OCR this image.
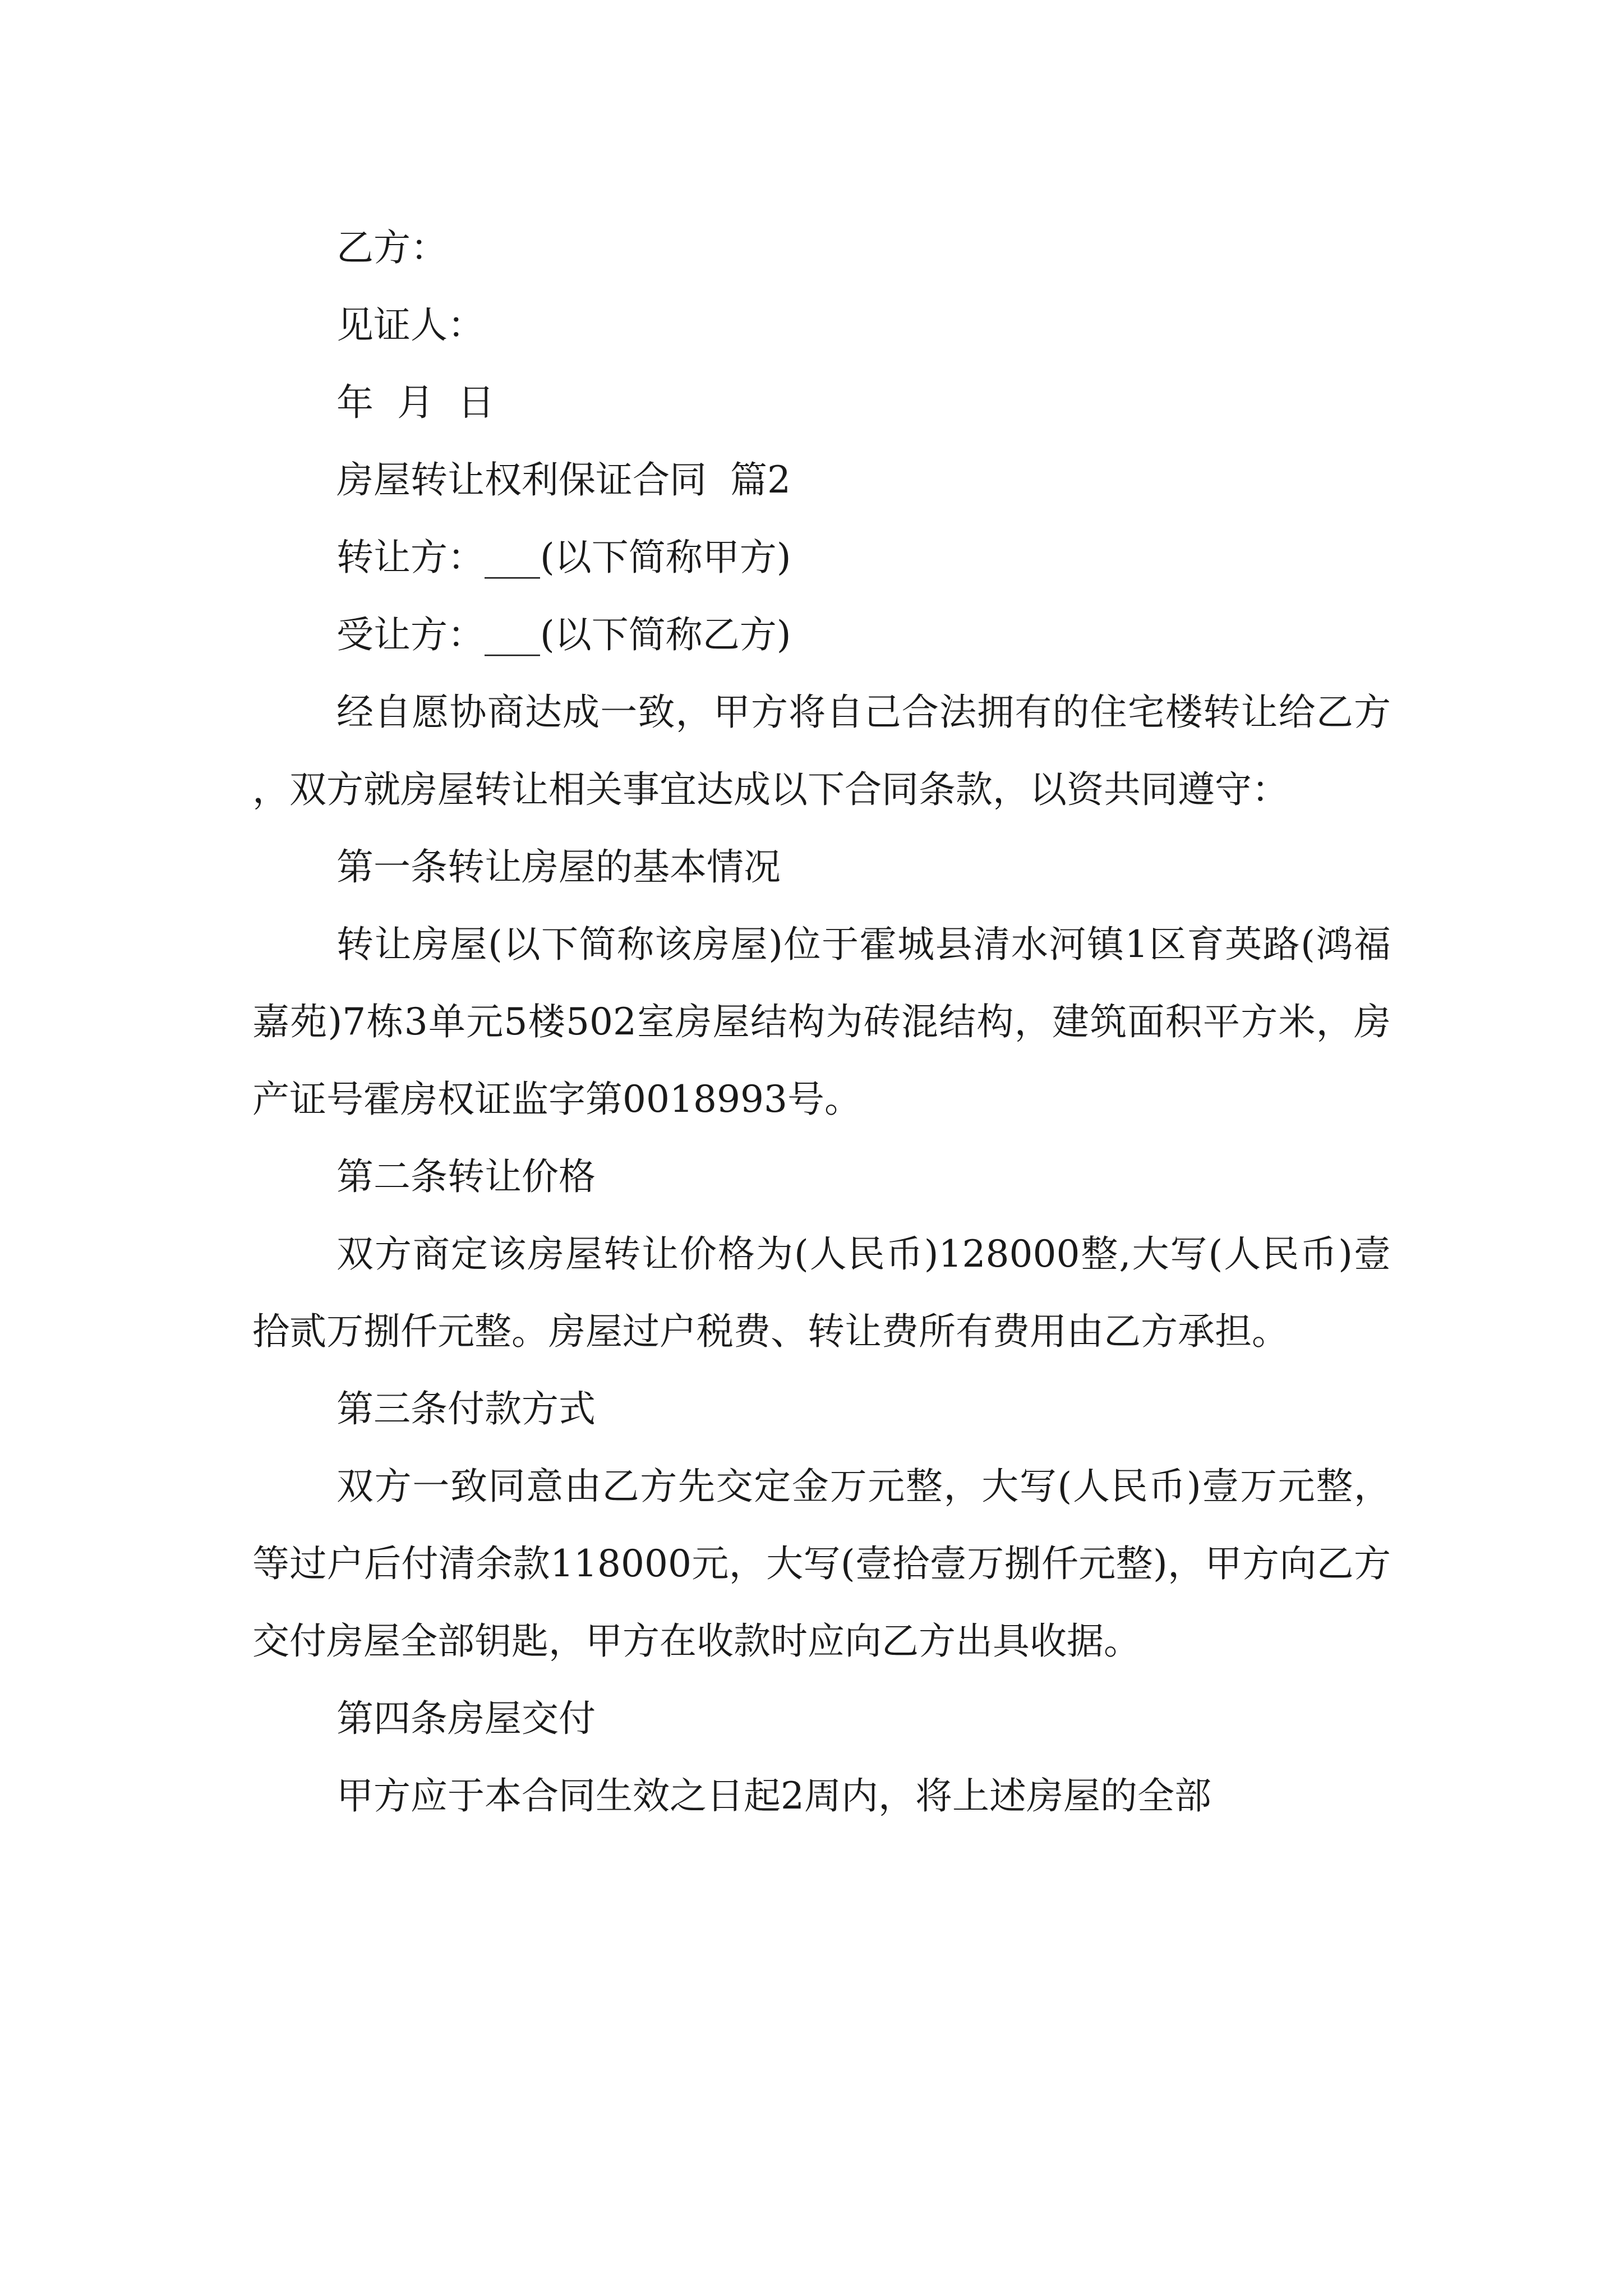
乙方：
见证人：
年  月  日
房屋转让权利保证合同  篇2
转让方：___(以下简称甲方)
受让方：___(以下简称乙方)
经自愿协商达成一致，甲方将自己合法拥有的住宅楼转让给乙方，双方就房屋转让相关事宜达成以下合同条款，以资共同遵守：
第一条转让房屋的基本情况
转让房屋(以下简称该房屋)位于霍城县清水河镇1区育英路(鸿福嘉苑)7栋3单元5楼502室房屋结构为砖混结构，建筑面积平方米，房产证号霍房权证监字第0018993号。
第二条转让价格
双方商定该房屋转让价格为(人民币)128000整,大写(人民币)壹拾贰万捌仟元整。房屋过户税费、转让费所有费用由乙方承担。
第三条付款方式
双方一致同意由乙方先交定金万元整，大写(人民币)壹万元整，等过户后付清余款118000元，大写(壹拾壹万捌仟元整)，甲方向乙方交付房屋全部钥匙，甲方在收款时应向乙方出具收据。
第四条房屋交付
甲方应于本合同生效之日起2周内，将上述房屋的全部
